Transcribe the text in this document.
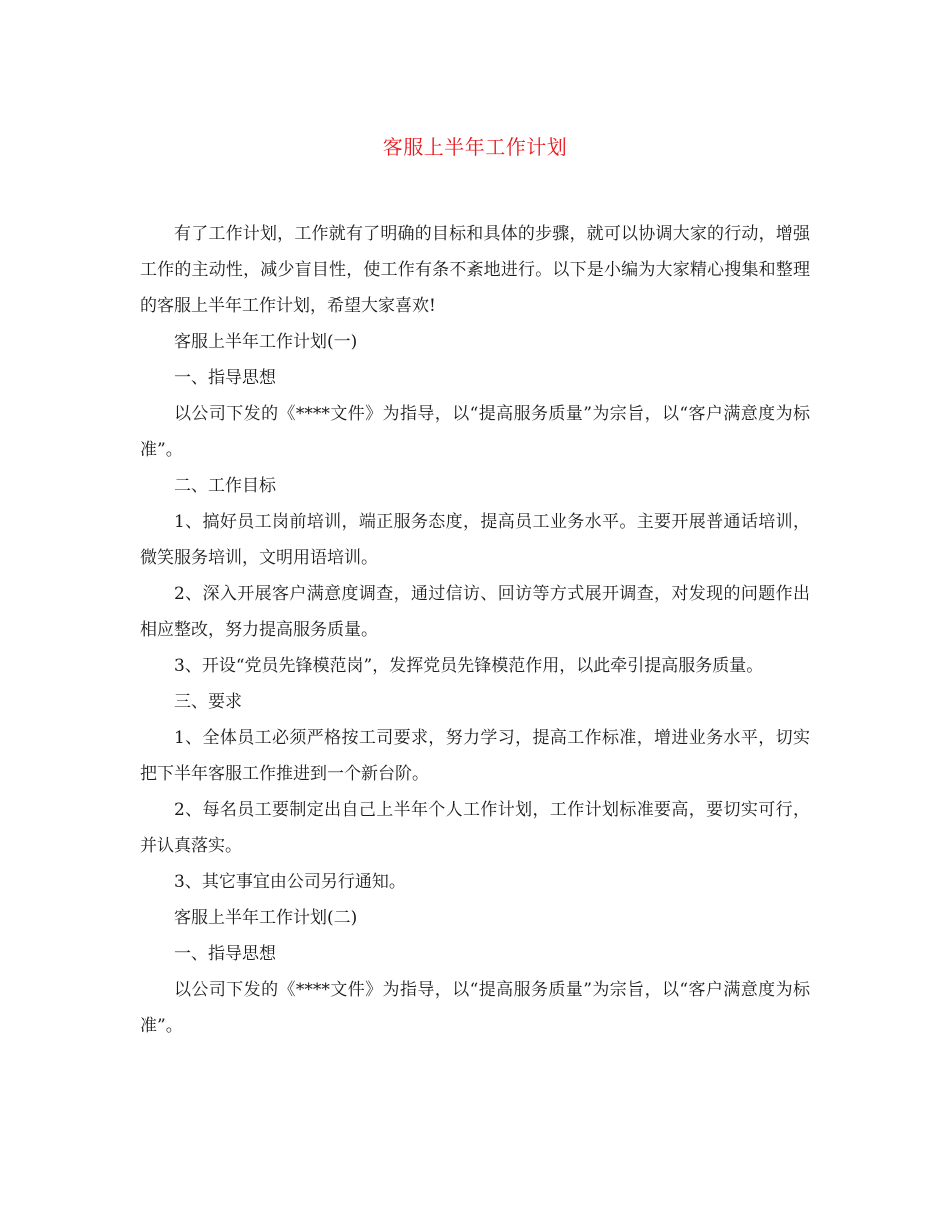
客服上半年工作计划

有了工作计划，工作就有了明确的目标和具体的步骤，就可以协调大家的行动，增强工作的主动性，减少盲目性，使工作有条不紊地进行。以下是小编为大家精心搜集和整理的客服上半年工作计划，希望大家喜欢!

客服上半年工作计划(一)

一、指导思想

以公司下发的《****文件》为指导，以“提高服务质量”为宗旨，以“客户满意度为标准”。

二、工作目标

1、搞好员工岗前培训，端正服务态度，提高员工业务水平。主要开展普通话培训，微笑服务培训，文明用语培训。

2、深入开展客户满意度调查，通过信访、回访等方式展开调查，对发现的问题作出相应整改，努力提高服务质量。

3、开设“党员先锋模范岗”，发挥党员先锋模范作用，以此牵引提高服务质量。

三、要求

1、全体员工必须严格按工司要求，努力学习，提高工作标准，增进业务水平，切实把下半年客服工作推进到一个新台阶。

2、每名员工要制定出自己上半年个人工作计划，工作计划标准要高，要切实可行，并认真落实。

3、其它事宜由公司另行通知。

客服上半年工作计划(二)

一、指导思想

以公司下发的《****文件》为指导，以“提高服务质量”为宗旨，以“客户满意度为标准”。
